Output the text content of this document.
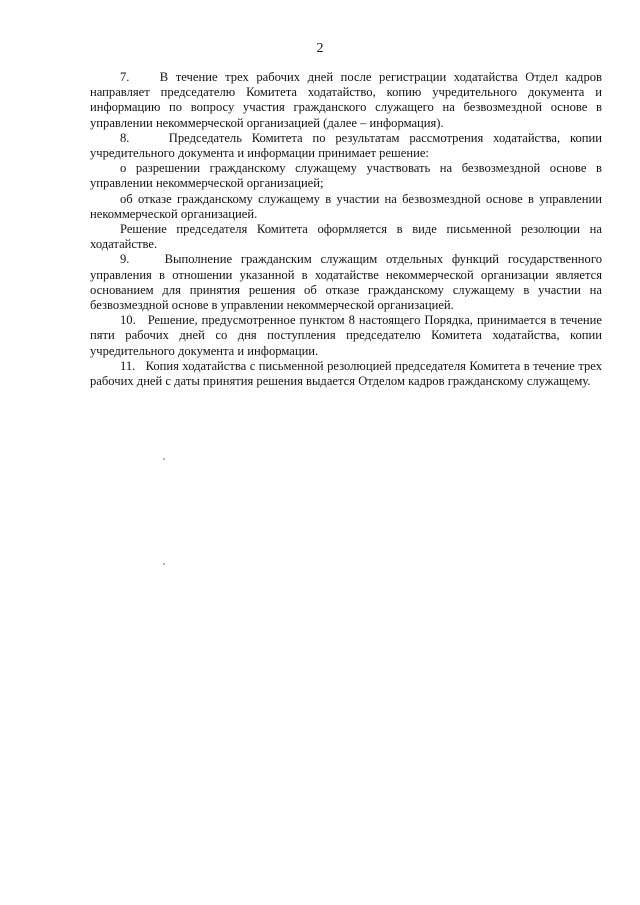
2

7.    В течение трех рабочих дней после регистрации ходатайства Отдел кадров направляет председателю Комитета ходатайство, копию учредительного документа и информацию по вопросу участия гражданского служащего на безвозмездной основе в управлении некоммерческой организацией (далее – информация).

8.    Председатель Комитета по результатам рассмотрения ходатайства, копии учредительного документа и информации принимает решение:

о разрешении гражданскому служащему участвовать на безвозмездной основе в управлении некоммерческой организацией;

об отказе гражданскому служащему в участии на безвозмездной основе в управлении некоммерческой организацией.

Решение председателя Комитета оформляется в виде письменной резолюции на ходатайстве.

9.    Выполнение гражданским служащим отдельных функций государственного управления в отношении указанной в ходатайстве некоммерческой организации является основанием для принятия решения об отказе гражданскому служащему в участии на безвозмездной основе в управлении некоммерческой организацией.

10.   Решение, предусмотренное пунктом 8 настоящего Порядка, принимается в течение пяти рабочих дней со дня поступления председателю Комитета ходатайства, копии учредительного документа и информации.

11.   Копия ходатайства с письменной резолюцией председателя Комитета в течение трех рабочих дней с даты принятия решения выдается Отделом кадров гражданскому служащему.
